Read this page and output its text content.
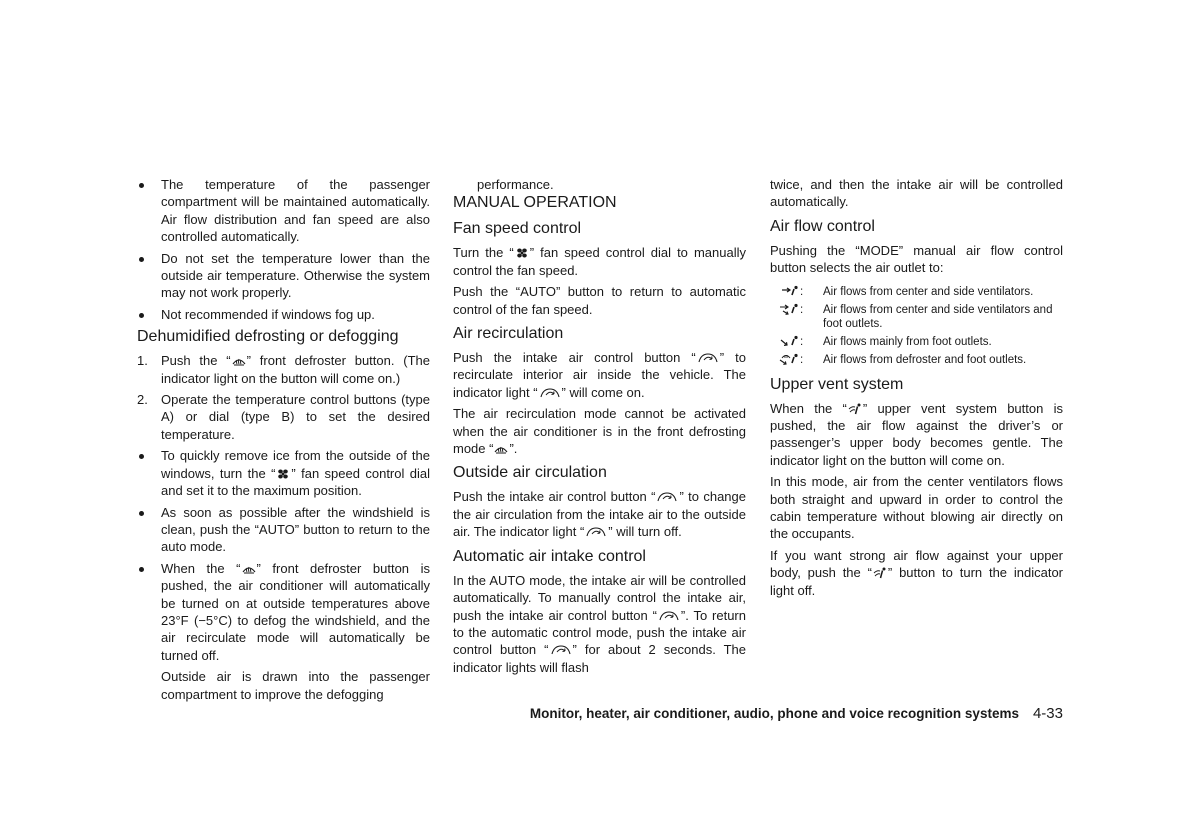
The temperature of the passenger compartment will be maintained automatically. Air flow distribution and fan speed are also controlled automatically.
Do not set the temperature lower than the outside air temperature. Otherwise the system may not work properly.
Not recommended if windows fog up.
Dehumidified defrosting or defogging
1. Push the “ ” front defroster button. (The indicator light on the button will come on.)
2. Operate the temperature control buttons (type A) or dial (type B) to set the desired temperature.
To quickly remove ice from the outside of the windows, turn the “ ” fan speed control dial and set it to the maximum position.
As soon as possible after the windshield is clean, push the “AUTO” button to return to the auto mode.
When the “ ” front defroster button is pushed, the air conditioner will automatically be turned on at outside temperatures above 23°F (−5°C) to defog the windshield, and the air recirculate mode will automatically be turned off.

Outside air is drawn into the passenger compartment to improve the defogging

performance.

MANUAL OPERATION
Fan speed control

Turn the “ ” fan speed control dial to manually control the fan speed.

Push the “AUTO” button to return to automatic control of the fan speed.

Air recirculation

Push the intake air control button “ ” to recirculate interior air inside the vehicle. The indicator light “ ” will come on.

The air recirculation mode cannot be activated when the air conditioner is in the front defrosting mode “ ”.

Outside air circulation

Push the intake air control button “ ” to change the air circulation from the intake air to the outside air. The indicator light “ ” will turn off.

Automatic air intake control

In the AUTO mode, the intake air will be controlled automatically. To manually control the intake air, push the intake air control button “ ”. To return to the automatic control mode, push the intake air control button “ ” for about 2 seconds. The indicator lights will flash

twice, and then the intake air will be controlled automatically.

Air flow control

Pushing the “MODE” manual air flow control button selects the air outlet to:

: Air flows from center and side ventilators.
: Air flows from center and side ventilators and foot outlets.
: Air flows mainly from foot outlets.
: Air flows from defroster and foot outlets.
Upper vent system

When the “ ” upper vent system button is pushed, the air flow against the driver’s or passenger’s upper body becomes gentle. The indicator light on the button will come on.

In this mode, air from the center ventilators flows both straight and upward in order to control the cabin temperature without blowing air directly on the occupants.

If you want strong air flow against your upper body, push the “ ” button to turn the indicator light off.

Monitor, heater, air conditioner, audio, phone and voice recognition systems 4-33
